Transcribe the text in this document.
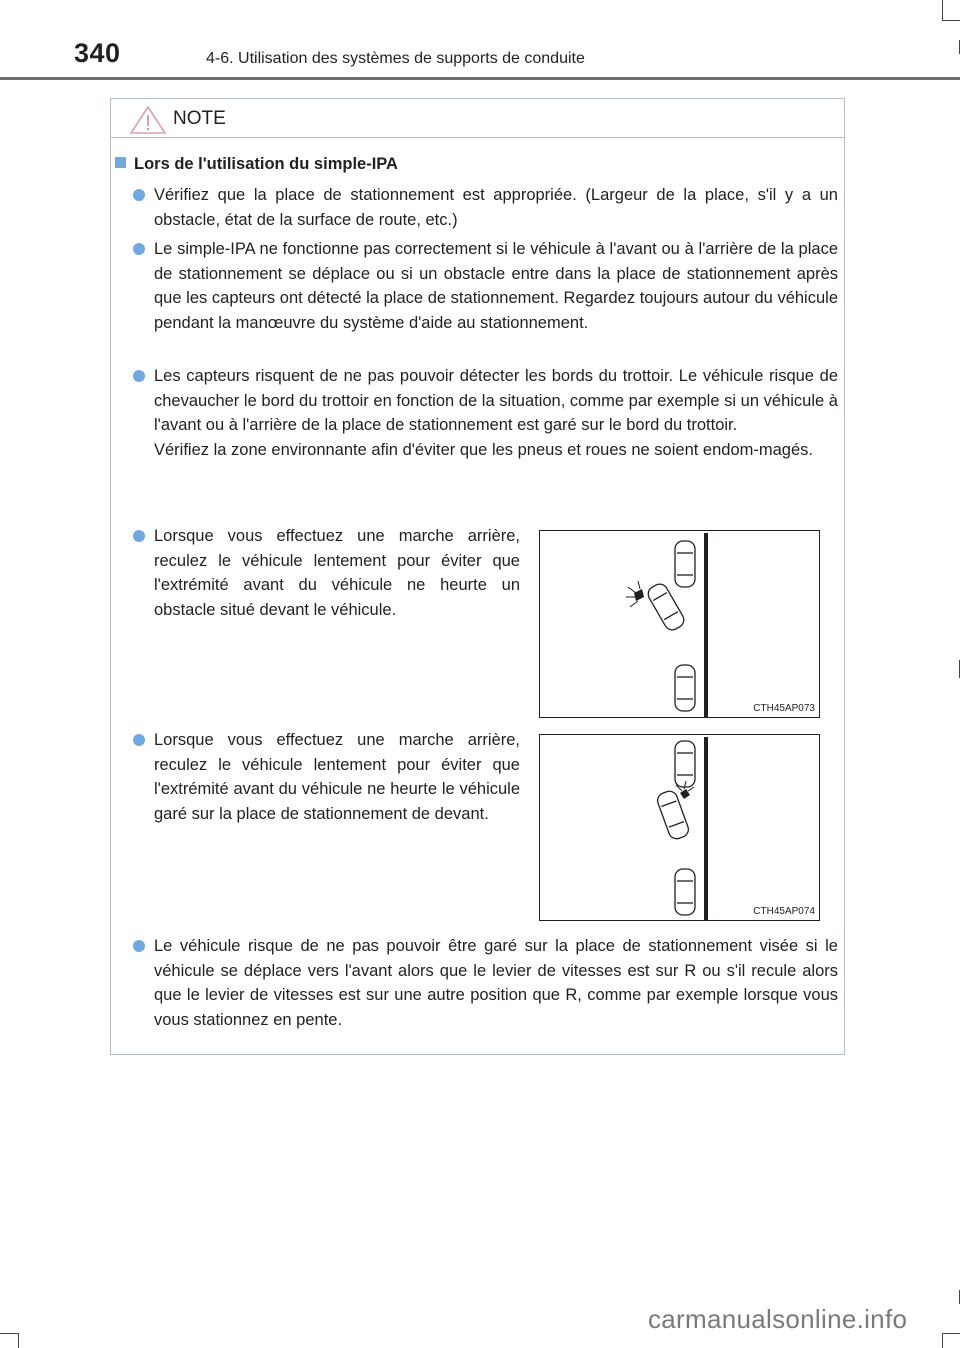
340	4-6. Utilisation des systèmes de supports de conduite
NOTE
Lors de l'utilisation du simple-IPA

Vérifiez que la place de stationnement est appropriée. (Largeur de la place, s'il y a un obstacle, état de la surface de route, etc.)

Le simple-IPA ne fonctionne pas correctement si le véhicule à l'avant ou à l'arrière de la place de stationnement se déplace ou si un obstacle entre dans la place de stationnement après que les capteurs ont détecté la place de stationnement. Regardez toujours autour du véhicule pendant la manœuvre du système d'aide au stationnement.

Les capteurs risquent de ne pas pouvoir détecter les bords du trottoir. Le véhicule risque de chevaucher le bord du trottoir en fonction de la situation, comme par exemple si un véhicule à l'avant ou à l'arrière de la place de stationnement est garé sur le bord du trottoir.

Vérifiez la zone environnante afin d'éviter que les pneus et roues ne soient endom-magés.

Lorsque vous effectuez une marche arrière, reculez le véhicule lentement pour éviter que l'extrémité avant du véhicule ne heurte un obstacle situé devant le véhicule.

CTH45AP073

Lorsque vous effectuez une marche arrière, reculez le véhicule lentement pour éviter que l'extrémité avant du véhicule ne heurte le véhicule garé sur la place de stationnement de devant.

CTH45AP074

Le véhicule risque de ne pas pouvoir être garé sur la place de stationnement visée si le véhicule se déplace vers l'avant alors que le levier de vitesses est sur R ou s'il recule alors que le levier de vitesses est sur une autre position que R, comme par exemple lorsque vous vous stationnez en pente.

carmanualsonline.info
